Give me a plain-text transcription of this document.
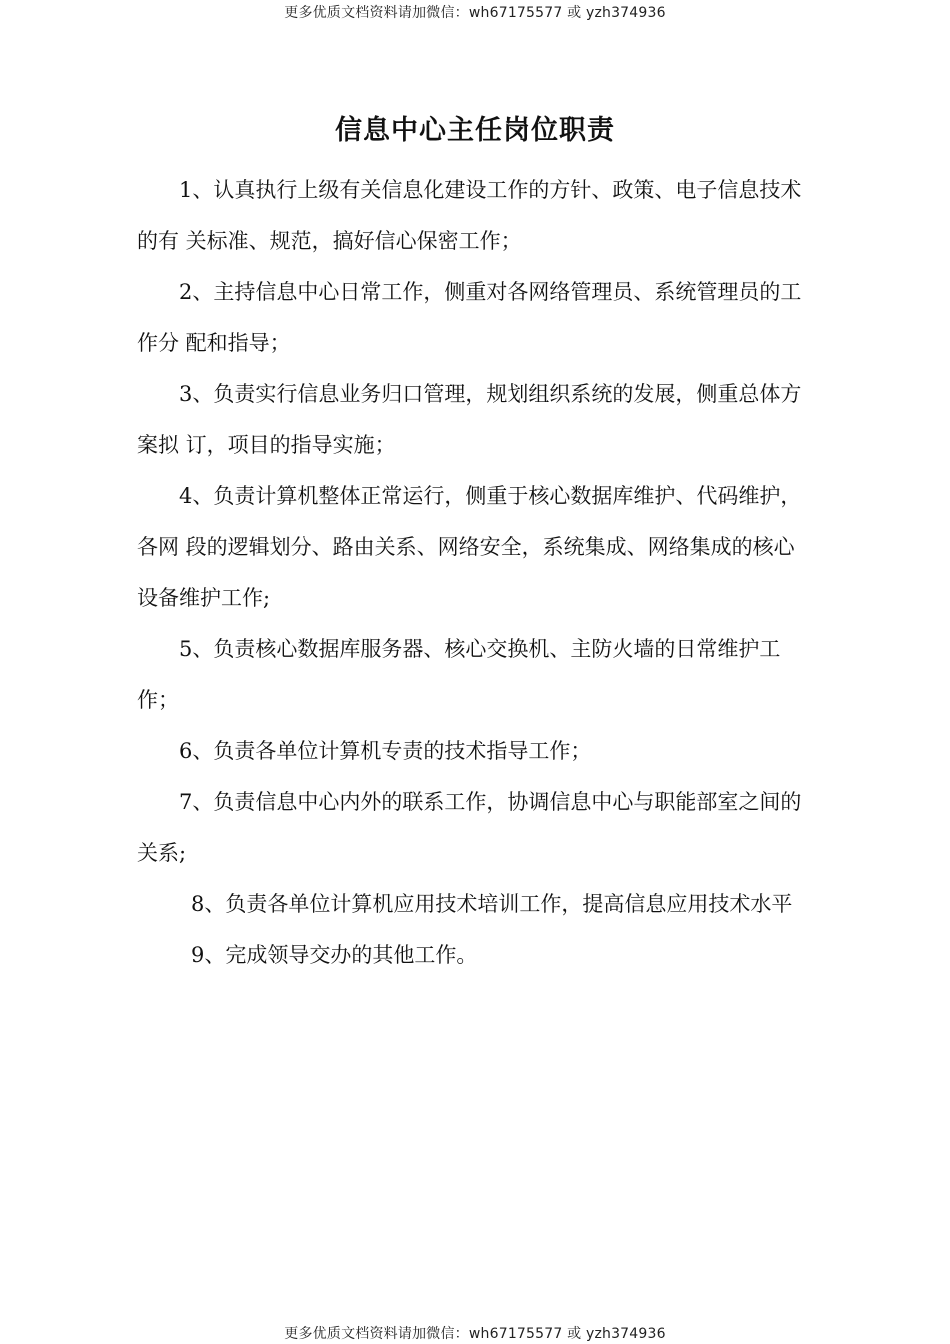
更多优质文档资料请加微信：wh67175577 或 yzh374936
信息中心主任岗位职责

1、认真执行上级有关信息化建设工作的方针、政策、电子信息技术的有 关标准、规范，搞好信心保密工作；

2、主持信息中心日常工作，侧重对各网络管理员、系统管理员的工作分 配和指导；

3、负责实行信息业务归口管理，规划组织系统的发展，侧重总体方案拟 订，项目的指导实施；

4、负责计算机整体正常运行，侧重于核心数据库维护、代码维护，各网 段的逻辑划分、路由关系、网络安全，系统集成、网络集成的核心设备维护工作;

5、负责核心数据库服务器、核心交换机、主防火墙的日常维护工作；

6、负责各单位计算机专责的技术指导工作；

7、负责信息中心内外的联系工作，协调信息中心与职能部室之间的关系;

8、负责各单位计算机应用技术培训工作，提高信息应用技术水平

9、完成领导交办的其他工作。

更多优质文档资料请加微信：wh67175577 或 yzh374936
